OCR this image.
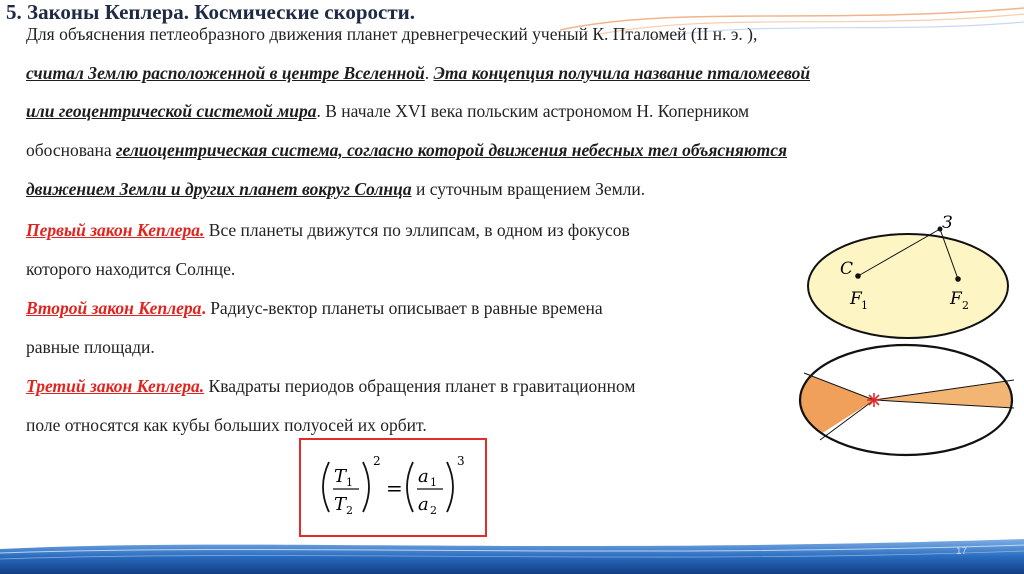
5. Законы Кеплера. Космические скорости.
Для объяснения петлеобразного движения планет древнегреческий ученый К. Пталомей (II н. э. ),
считал Землю расположенной в центре Вселенной. Эта концепция получила название пталомеевой
или геоцентрической системой мира. В начале XVI века польским астрономом Н. Коперником
обоснована гелиоцентрическая система, согласно которой движения небесных тел объясняются
движением Земли и других планет вокруг Солнца и суточным вращением Земли.
Первый закон Кеплера. Все планеты движутся по эллипсам, в одном из фокусов
которого находится Солнце.
Второй закон Кеплера. Радиус-вектор планеты описывает в равные времена
равные площади.
Третий закон Кеплера. Квадраты периодов обращения планет в гравитационном
поле относятся как кубы больших полуосей их орбит.
T 1
T 2
2
= a 1
a 2
3
З
С
F 1	F 2
17
